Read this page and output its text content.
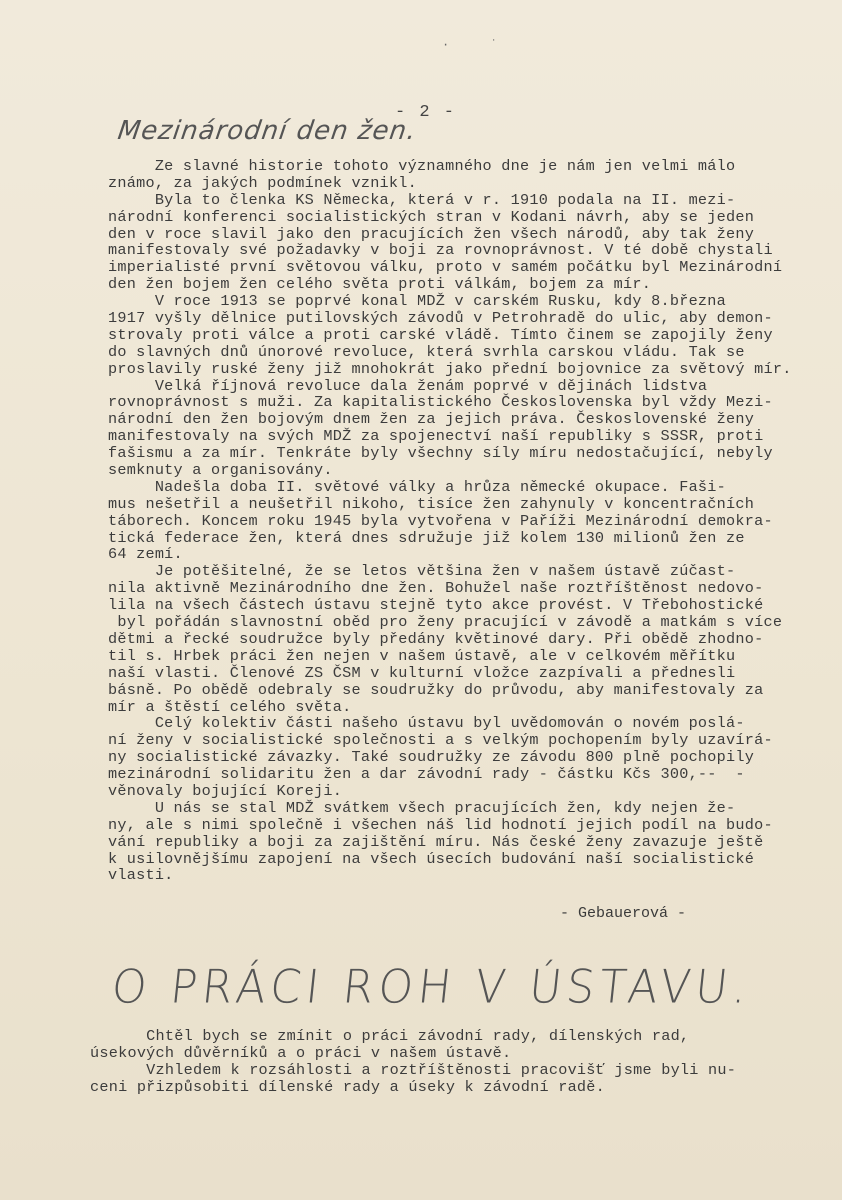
·	˙
- 2 -
Mezinárodní den žen.
Ze slavné historie tohoto významného dne je nám jen velmi málo
známo, za jakých podmínek vznikl.
Byla to členka KS Německa, která v r. 1910 podala na II. mezi-
národní konferenci socialistických stran v Kodani návrh, aby se jeden
den v roce slavil jako den pracujících žen všech národů, aby tak ženy
manifestovaly své požadavky v boji za rovnoprávnost. V té době chystali
imperialisté první světovou válku, proto v samém počátku byl Mezinárodní
den žen bojem žen celého světa proti válkám, bojem za mír.
V roce 1913 se poprvé konal MDŽ v carském Rusku, kdy 8.března
1917 vyšly dělnice putilovských závodů v Petrohradě do ulic, aby demon-
strovaly proti válce a proti carské vládě. Tímto činem se zapojily ženy
do slavných dnů únorové revoluce, která svrhla carskou vládu. Tak se
proslavily ruské ženy již mnohokrát jako přední bojovnice za světový mír.
Velká říjnová revoluce dala ženám poprvé v dějinách lidstva
rovnoprávnost s muži. Za kapitalistického Československa byl vždy Mezi-
národní den žen bojovým dnem žen za jejich práva. Československé ženy
manifestovaly na svých MDŽ za spojenectví naší republiky s SSSR, proti
fašismu a za mír. Tenkráte byly všechny síly míru nedostačující, nebyly
semknuty a organisovány.
Nadešla doba II. světové války a hrůza německé okupace. Faši-
mus nešetřil a neušetřil nikoho, tisíce žen zahynuly v koncentračních
táborech. Koncem roku 1945 byla vytvořena v Paříži Mezinárodní demokra-
tická federace žen, která dnes sdružuje již kolem 130 milionů žen ze
64 zemí.
Je potěšitelné, že se letos většina žen v našem ústavě zúčast-
nila aktivně Mezinárodního dne žen. Bohužel naše roztříštěnost nedovo-
lila na všech částech ústavu stejně tyto akce provést. V Třebohostické
byl pořádán slavnostní oběd pro ženy pracující v závodě a matkám s více
dětmi a řecké soudružce byly předány květinové dary. Při obědě zhodno-
til s. Hrbek práci žen nejen v našem ústavě, ale v celkovém měřítku
naší vlasti. Členové ZS ČSM v kulturní vložce zazpívali a přednesli
básně. Po obědě odebraly se soudružky do průvodu, aby manifestovaly za
mír a štěstí celého světa.
Celý kolektiv části našeho ústavu byl uvědomován o novém poslá-
ní ženy v socialistické společnosti a s velkým pochopením byly uzavírá-
ny socialistické závazky. Také soudružky ze závodu 800 plně pochopily
mezinárodní solidaritu žen a dar závodní rady - částku Kčs 300,--  -
věnovaly bojující Koreji.
U nás se stal MDŽ svátkem všech pracujících žen, kdy nejen že-
ny, ale s nimi společně i všechen náš lid hodnotí jejich podíl na budo-
vání republiky a boji za zajištění míru. Nás české ženy zavazuje ještě
k usilovnějšímu zapojení na všech úsecích budování naší socialistické
vlasti.
- Gebauerová -
O PRÁCI ROH V ÚSTAVU.
Chtěl bych se zmínit o práci závodní rady, dílenských rad,
úsekových důvěrníků a o práci v našem ústavě.
Vzhledem k rozsáhlosti a roztříštěnosti pracovišť jsme byli nu-
ceni přizpůsobiti dílenské rady a úseky k závodní radě.
